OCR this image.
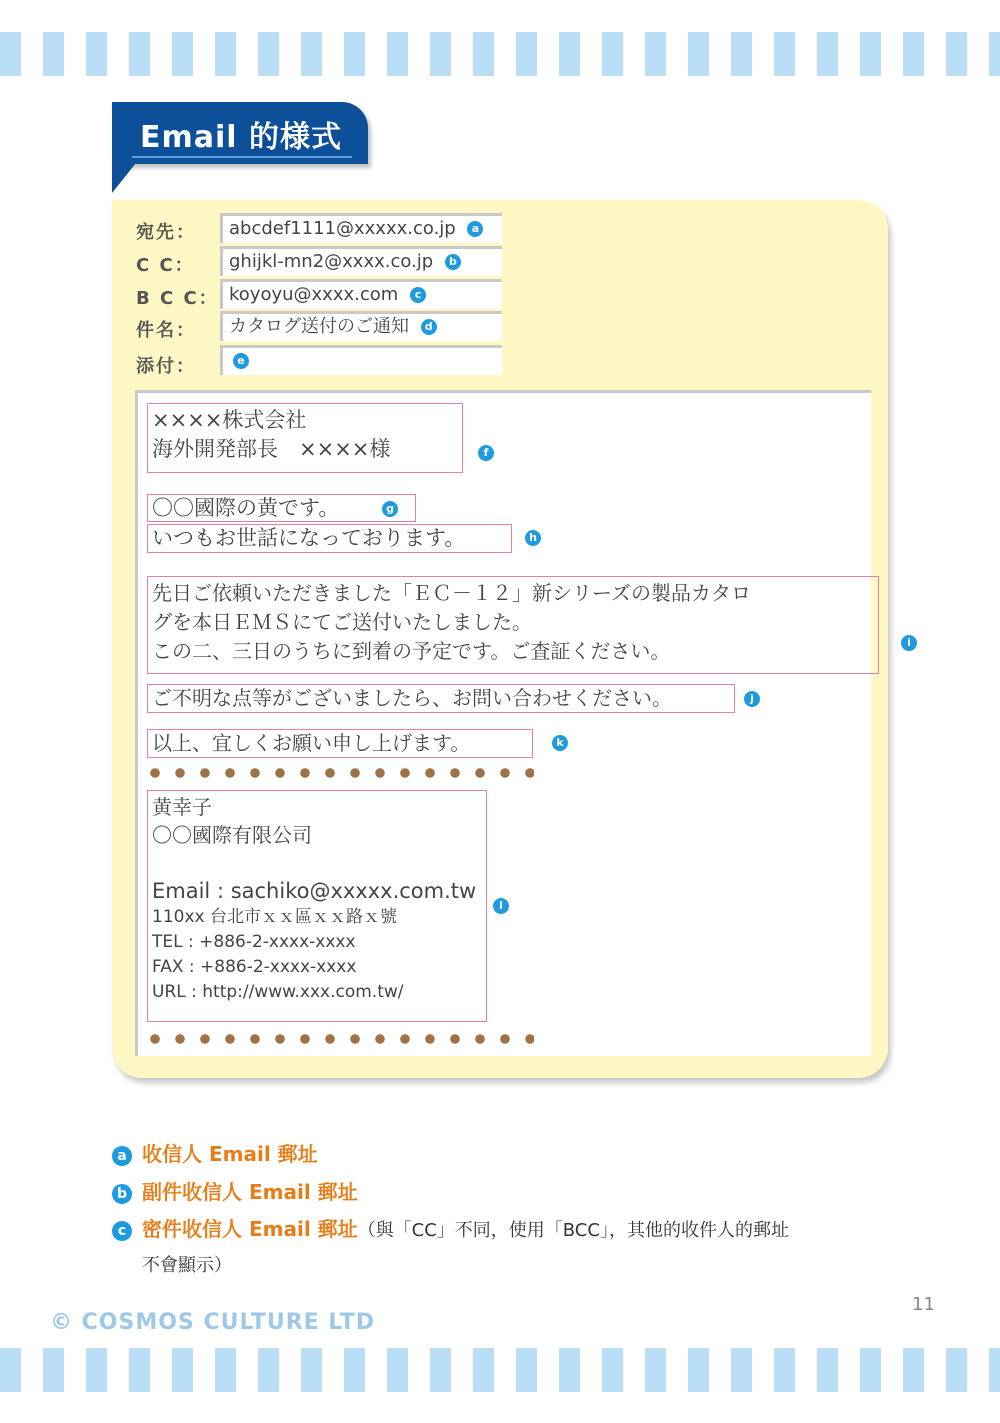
Email 的様式
宛先：	abcdef1111@xxxxx.co.jp a
C C：	ghijkl-mn2@xxxx.co.jp b
B C C： koyoyu@xxxx.com c
件名：	カタログ送付のご通知 d
添付：	e
××××株式会社
海外開発部長　××××様	f
〇〇國際の黄です。	g
いつもお世話になっております。	h
先日ご依頼いただきました「ＥＣ－１２」新シリーズの製品カタロ
グを本日ＥＭＳにてご送付いたしました。
この二、三日のうちに到着の予定です。ご査証ください。	i
ご不明な点等がございましたら、お問い合わせください。	j
以上、宜しくお願い申し上げます。	k
黄幸子
〇〇國際有限公司
Email : sachiko@xxxxx.com.tw
110xx 台北市ｘｘ區ｘｘ路ｘ號
TEL : +886-2-xxxx-xxxx
FAX : +886-2-xxxx-xxxx
URL : http://www.xxx.com.tw/
l
a 收信人 Email 郵址
b 副件收信人 Email 郵址
c 密件收信人 Email 郵址（與「CC」不同，使用「BCC」，其他的收件人的郵址
不會顯示）
11
© COSMOS CULTURE LTD
